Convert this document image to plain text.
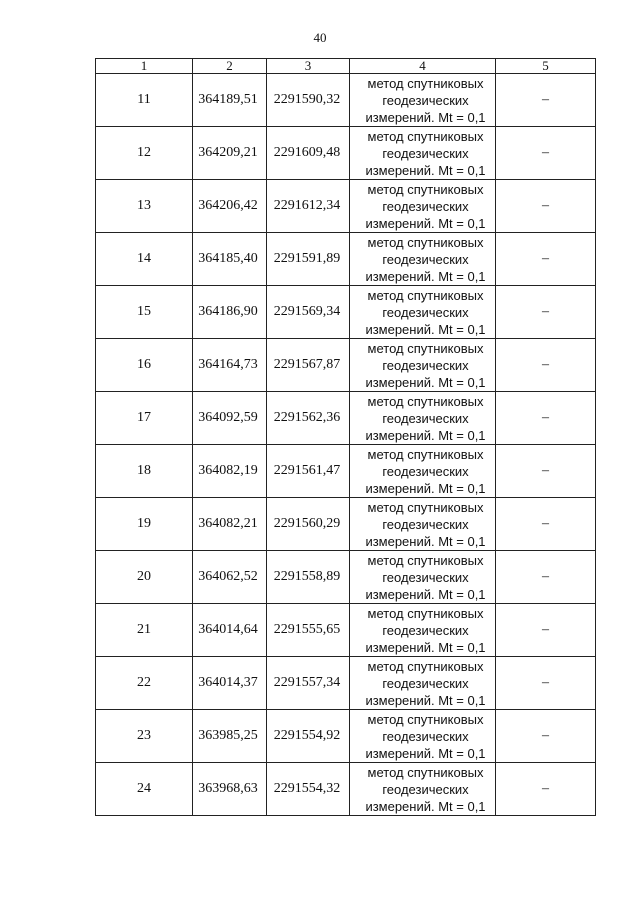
40
1	2	3	4	5
11	364189,51	2291590,32	метод спутниковых
геодезических
измерений. Mt = 0,1	–
12	364209,21	2291609,48	метод спутниковых
геодезических
измерений. Mt = 0,1	–
13	364206,42	2291612,34	метод спутниковых
геодезических
измерений. Mt = 0,1	–
14	364185,40	2291591,89	метод спутниковых
геодезических
измерений. Mt = 0,1	–
15	364186,90	2291569,34	метод спутниковых
геодезических
измерений. Mt = 0,1	–
16	364164,73	2291567,87	метод спутниковых
геодезических
измерений. Mt = 0,1	–
17	364092,59	2291562,36	метод спутниковых
геодезических
измерений. Mt = 0,1	–
18	364082,19	2291561,47	метод спутниковых
геодезических
измерений. Mt = 0,1	–
19	364082,21	2291560,29	метод спутниковых
геодезических
измерений. Mt = 0,1	–
20	364062,52	2291558,89	метод спутниковых
геодезических
измерений. Mt = 0,1	–
21	364014,64	2291555,65	метод спутниковых
геодезических
измерений. Mt = 0,1	–
22	364014,37	2291557,34	метод спутниковых
геодезических
измерений. Mt = 0,1	–
23	363985,25	2291554,92	метод спутниковых
геодезических
измерений. Mt = 0,1	–
24	363968,63	2291554,32	метод спутниковых
геодезических
измерений. Mt = 0,1	–
